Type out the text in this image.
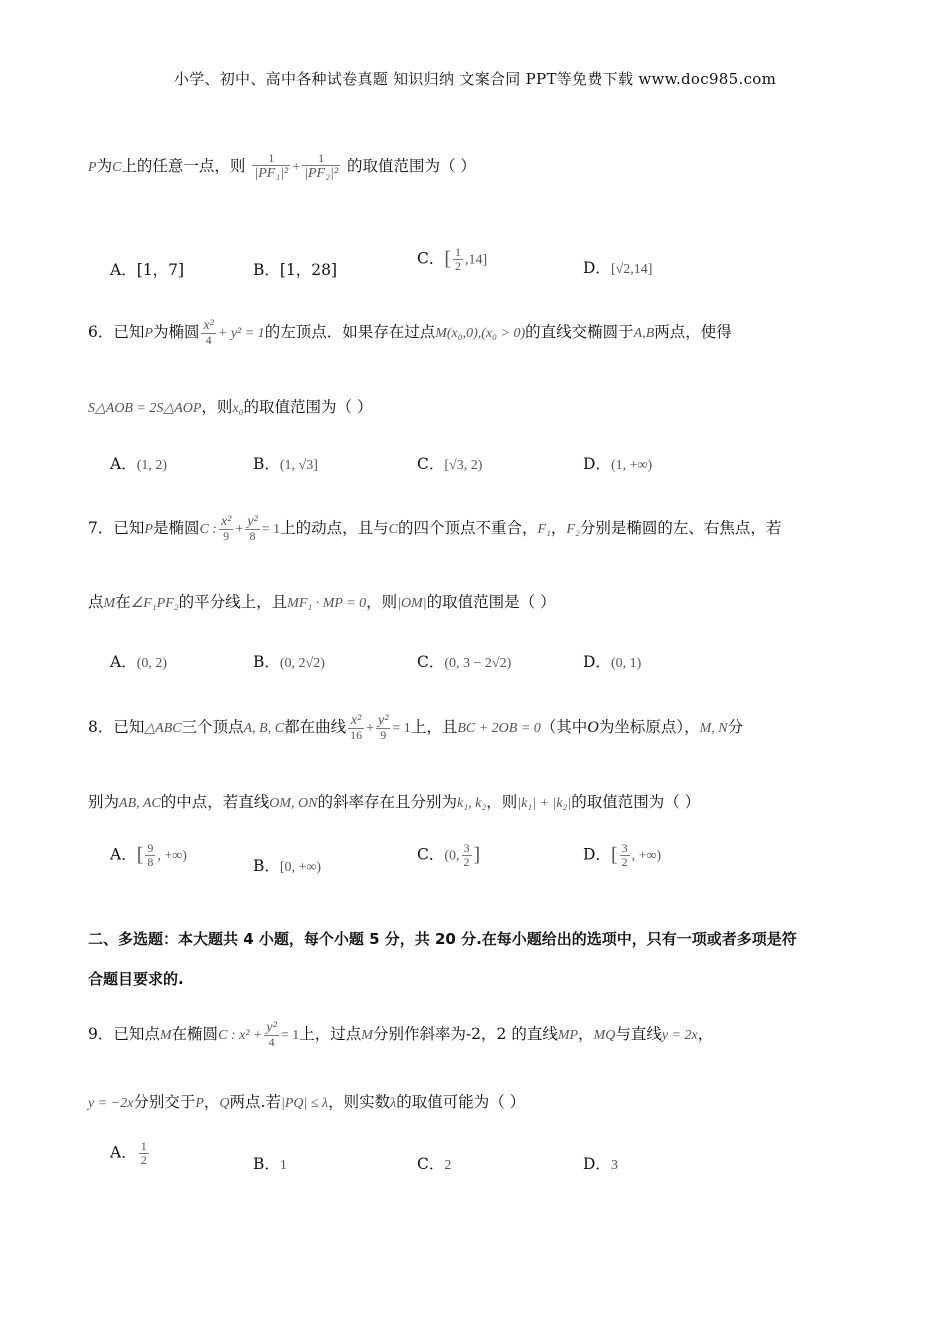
小学、初中、高中各种试卷真题 知识归纳 文案合同 PPT等免费下载 www.doc985.com
P为C上的任意一点，则 $\frac{1}{\text{|PF₁|²}} + \frac{1}{\text{|PF₂|²}}$ 的取值范围为（ ）
A．[1，7]	B．[1，28]
C．[ $\frac{1}{2} ,14$]	D．[√2,14]
6．已知P为椭圆 $\frac{\text{x²}}{4} + y^2 = 1$的左顶点．如果存在过点M(x₀,0),(x₀ > 0)的直线交椭圆于A,B两点，使得
S△AOB = 2S△AOP，则x₀的取值范围为（ ）
A．(1, 2)	B．(1, √3]	C．[√3, 2)	D．(1, +∞)
7．已知P是椭圆C : $\frac{\text{x²}}{9} + \frac{\text{y²}}{8} = 1$上的动点，且与C的四个顶点不重合，F₁，F₂分别是椭圆的左、右焦点，若
点M在∠F₁PF₂的平分线上，且MF₁ · MP = 0，则|OM|的取值范围是（ ）
A．(0, 2)	B．(0, 2√2)	C．(0, 3 − 2√2)	D．(0, 1)
8．已知△ABC三个顶点A, B, C都在曲线 $\frac{\text{x²}}{16} + \frac{\text{y²}}{9} = 1$上，且BC + 2OB = 0（其中O为坐标原点），M, N分
别为AB, AC的中点，若直线OM, ON的斜率存在且分别为k₁, k₂，则|k₁| + |k₂|的取值范围为（ ）
A．[ $\frac{9}{8}$ , +∞)
B．[0, +∞)
C．(0, $\frac{3}{2}$ ]	D．[ $\frac{3}{2}$ , +∞)
二、多选题：本大题共 4 小题，每个小题 5 分，共 20 分.在每小题给出的选项中，只有一项或者多项是符
合题目要求的.
9．已知点M在椭圆C : $x^2 + \frac{\text{y²}}{4} = 1$上，过点M分别作斜率为-2，2 的直线MP，MQ与直线y = 2x，
y = −2x分别交于P，Q两点.若|PQ| ≤ λ，则实数λ的取值可能为（ ）
A． $\frac{1}{2}$	B．1	C．2	D．3
